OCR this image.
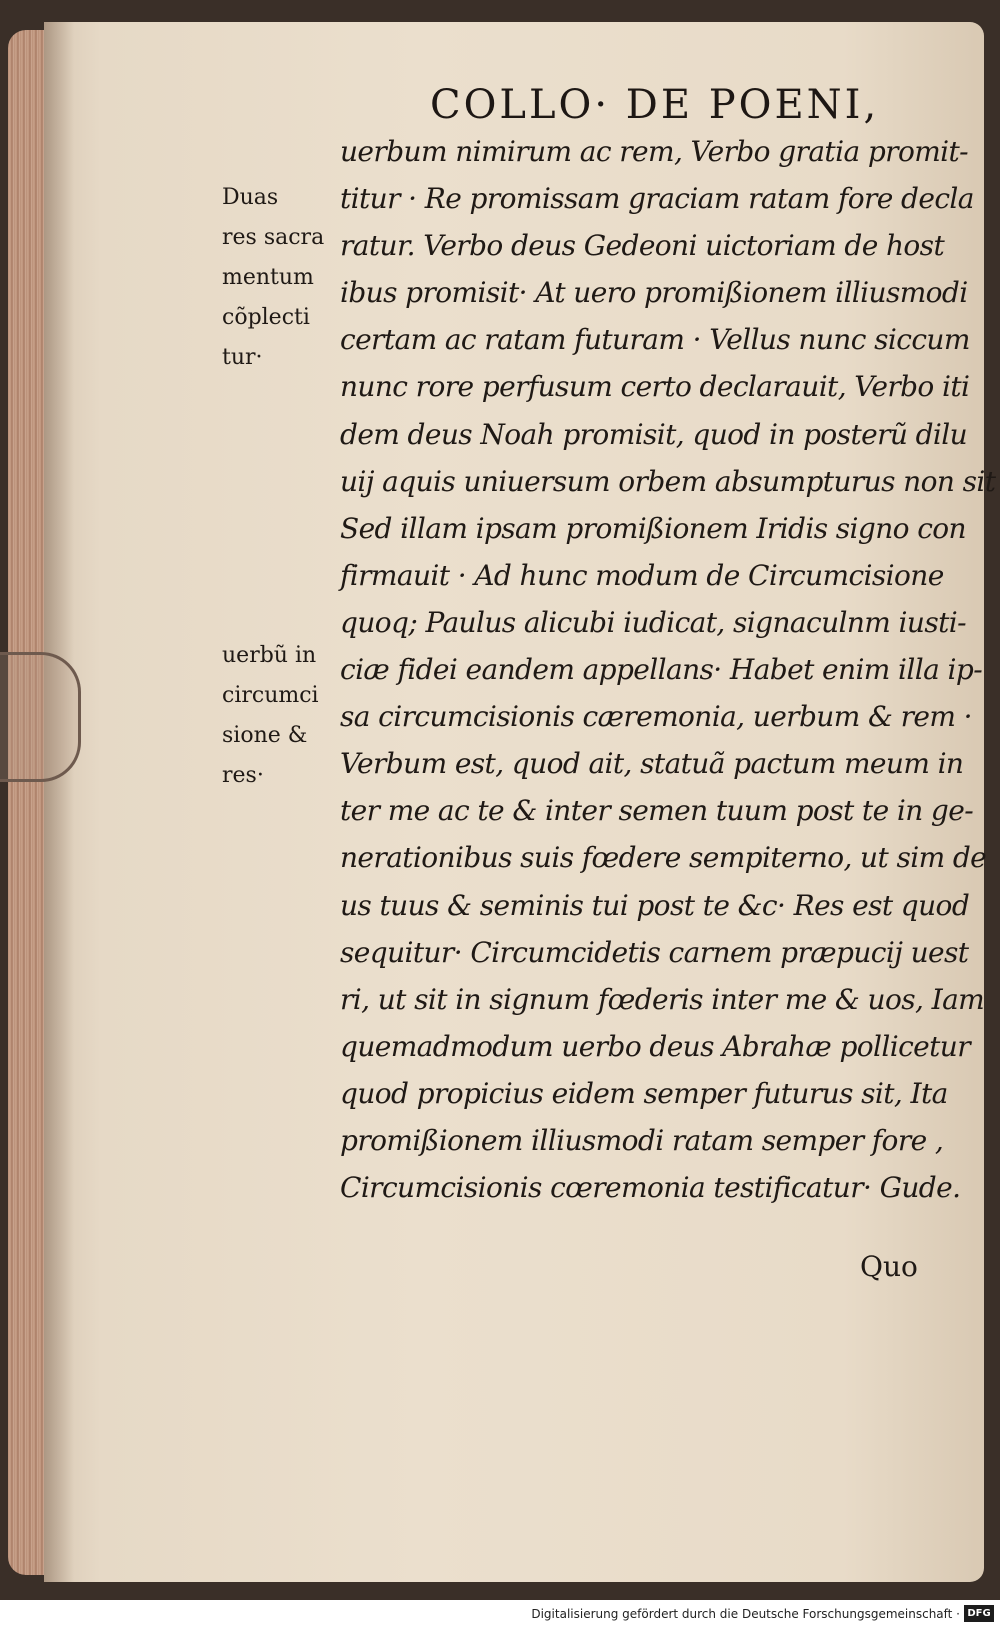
COLLO· DE POENI,
Duas
res sacra
mentum
cõplecti
tur·
uerbũ in
circumci
sione &
res·
uerbum nimirum ac rem, Verbo gratia promit-
titur · Re promissam graciam ratam fore decla
ratur. Verbo deus Gedeoni uictoriam de host
ibus promisit· At uero promißionem illiusmodi
certam ac ratam futuram · Vellus nunc siccum
nunc rore perfusum certo declarauit, Verbo iti
dem deus Noah promisit, quod in posterũ dilu
uij aquis uniuersum orbem absumpturus non sit
Sed illam ipsam promißionem Iridis signo con
firmauit · Ad hunc modum de Circumcisione
quoq; Paulus alicubi iudicat, signaculnm iusti-
ciæ fidei eandem appellans· Habet enim illa ip-
sa circumcisionis cæremonia, uerbum & rem ·
Verbum est, quod ait, statuã pactum meum in
ter me ac te & inter semen tuum post te in ge-
nerationibus suis fœdere sempiterno, ut sim de
us tuus & seminis tui post te &c· Res est quod
sequitur· Circumcidetis carnem præpucij uest
ri, ut sit in signum fœderis inter me & uos, Iam
quemadmodum uerbo deus Abrahæ pollicetur
quod propicius eidem semper futurus sit, Ita
promißionem illiusmodi ratam semper fore ,
Circumcisionis cœremonia testificatur· Gude.
Quo
Digitalisierung gefördert durch die Deutsche Forschungsgemeinschaft · DFG
